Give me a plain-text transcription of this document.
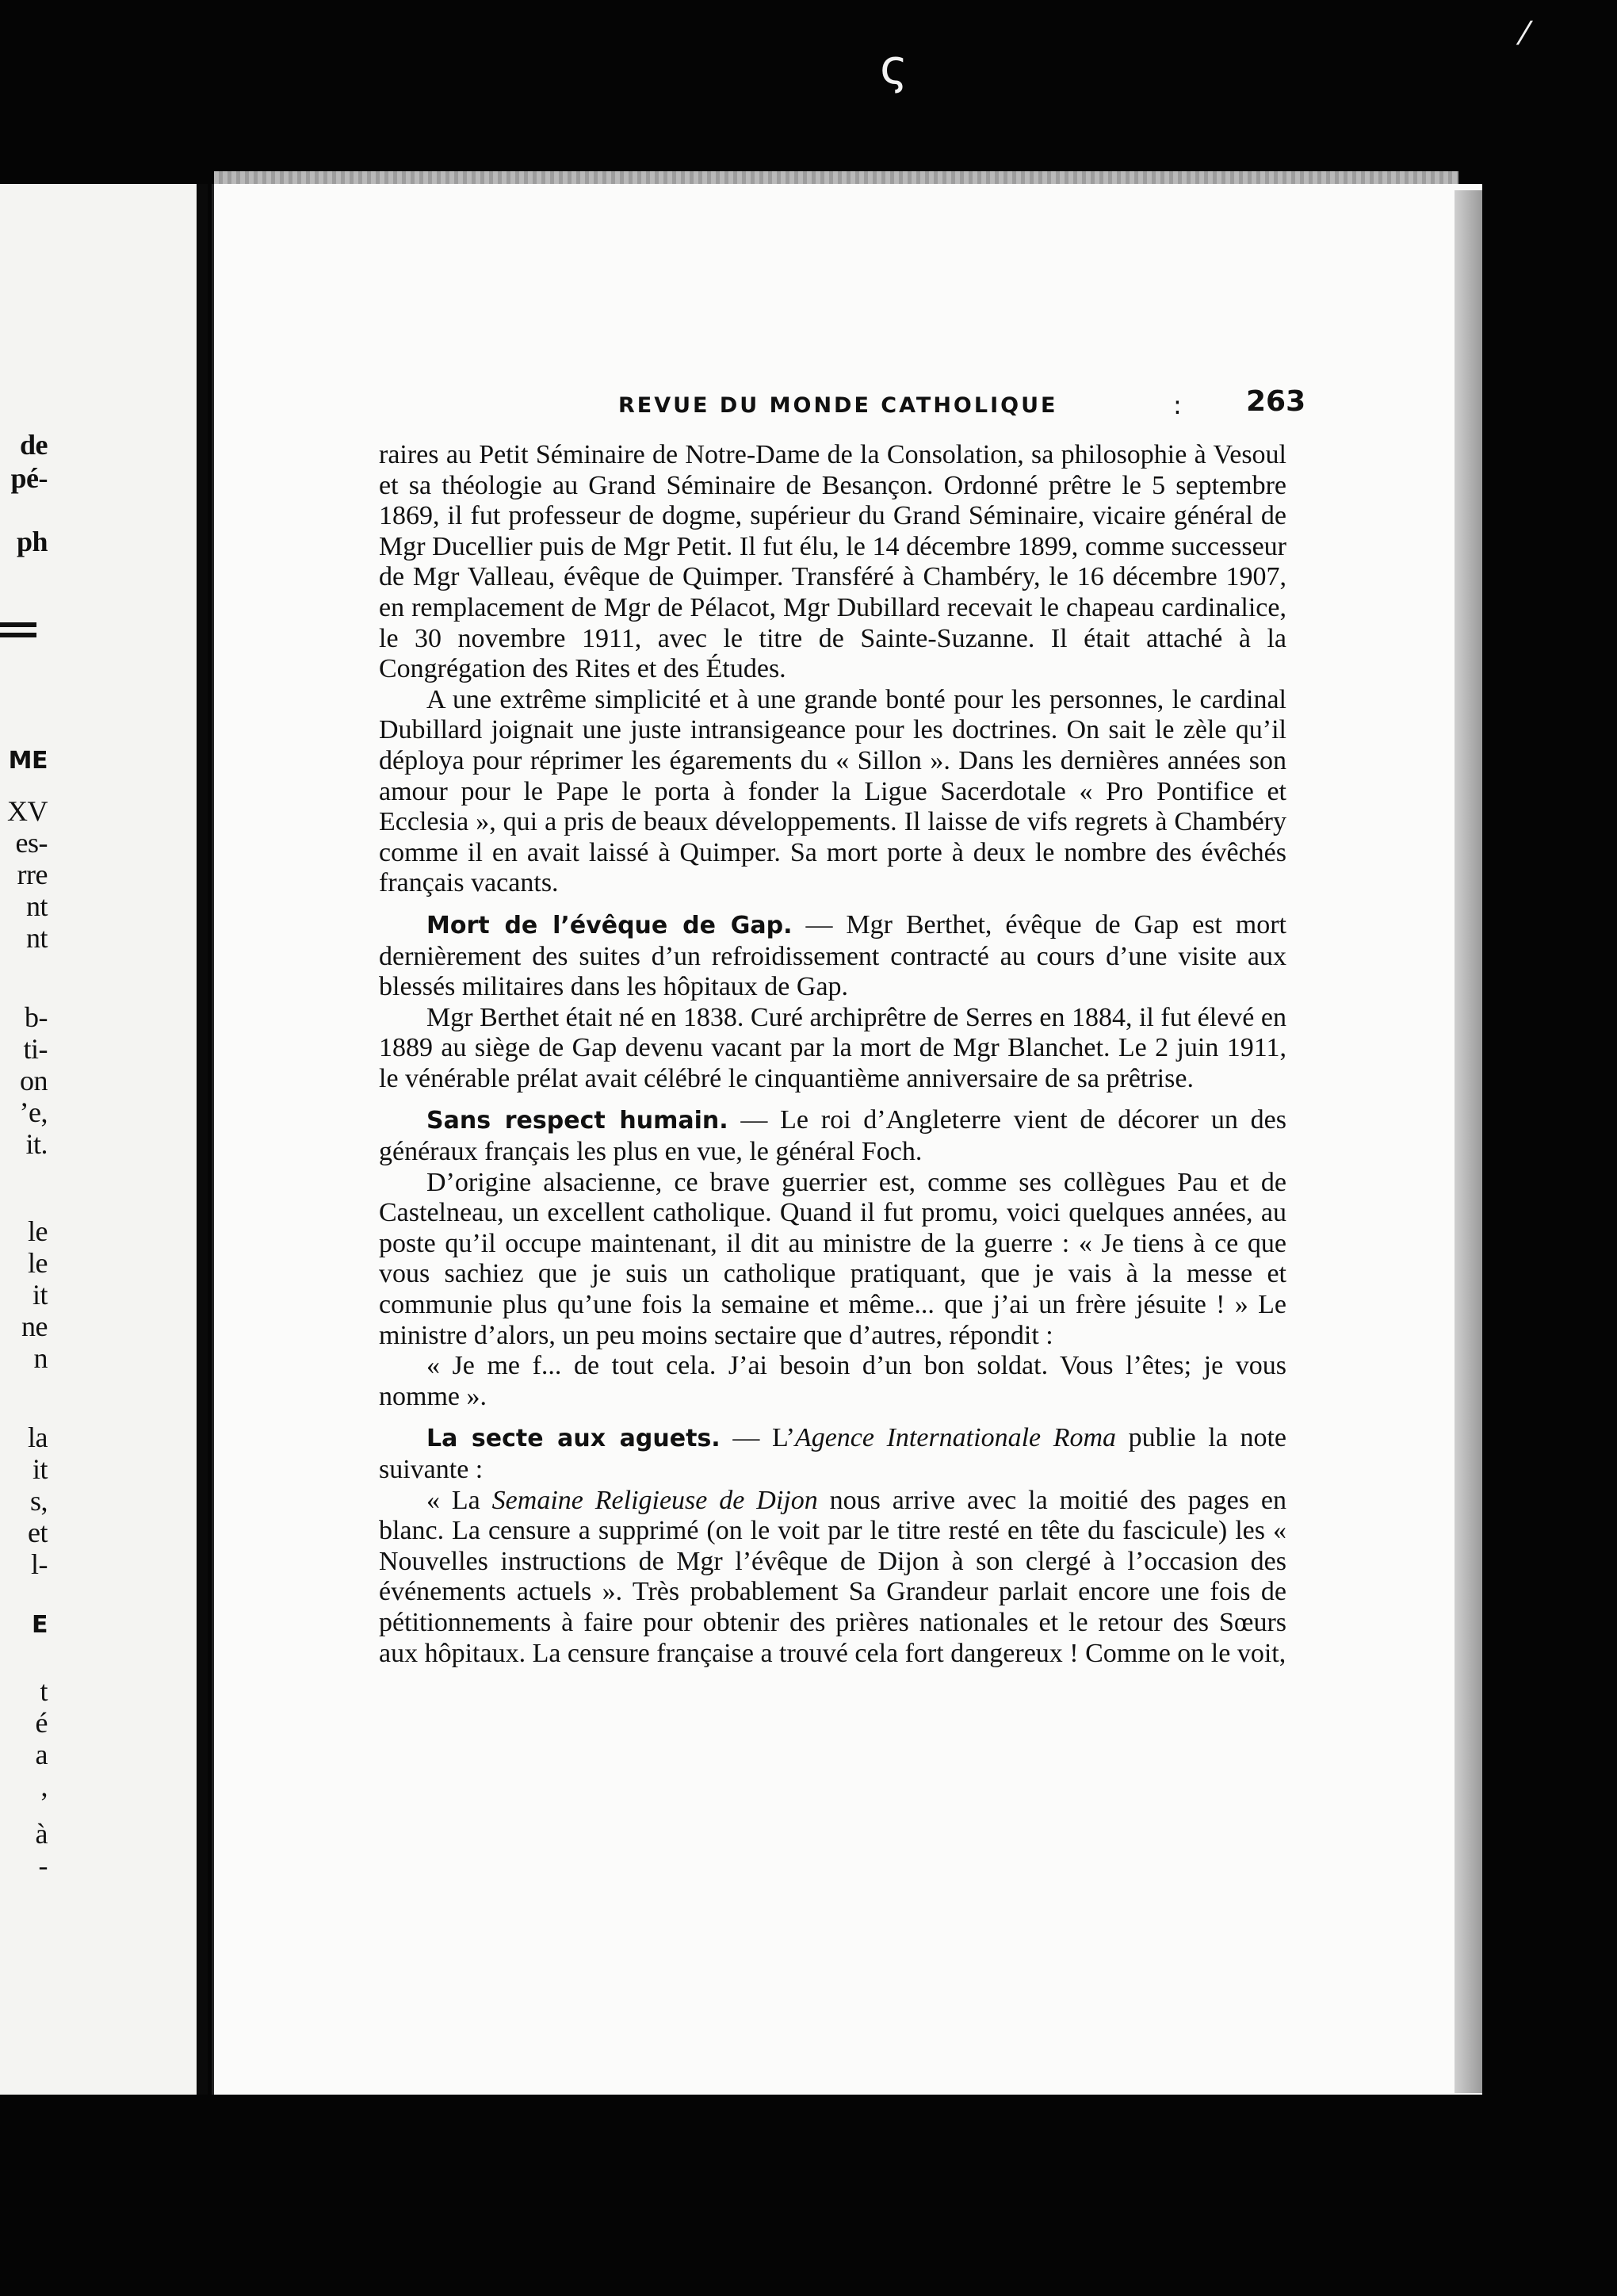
ς
⁄
de
pé-
ph
ME
XV
es-
rre
nt
nt
b-
ti-
on
’e,
it.
le
le
it
ne
n
la
it
s,
et
l-
E
t
é
a
,
à
-
REVUE DU MONDE CATHOLIQUE	: 263

raires au Petit Séminaire de Notre-Dame de la Consolation, sa philosophie à Vesoul et sa théologie au Grand Séminaire de Besançon. Ordonné prêtre le 5 septembre 1869, il fut professeur de dogme, supérieur du Grand Séminaire, vicaire général de Mgr Ducellier puis de Mgr Petit. Il fut élu, le 14 décembre 1899, comme successeur de Mgr Valleau, évêque de Quimper. Transféré à Chambéry, le 16 décembre 1907, en remplacement de Mgr de Pélacot, Mgr Dubillard recevait le chapeau cardinalice, le 30 novembre 1911, avec le titre de Sainte-Suzanne. Il était attaché à la Congrégation des Rites et des Études.

A une extrême simplicité et à une grande bonté pour les personnes, le cardinal Dubillard joignait une juste intransigeance pour les doctrines. On sait le zèle qu’il déploya pour réprimer les égarements du « Sillon ». Dans les dernières années son amour pour le Pape le porta à fonder la Ligue Sacerdotale « Pro Pontifice et Ecclesia », qui a pris de beaux développements. Il laisse de vifs regrets à Chambéry comme il en avait laissé à Quimper. Sa mort porte à deux le nombre des évêchés français vacants.

Mort de l’évêque de Gap. — Mgr Berthet, évêque de Gap est mort dernièrement des suites d’un refroidissement contracté au cours d’une visite aux blessés militaires dans les hôpitaux de Gap.

Mgr Berthet était né en 1838. Curé archiprêtre de Serres en 1884, il fut élevé en 1889 au siège de Gap devenu vacant par la mort de Mgr Blanchet. Le 2 juin 1911, le vénérable prélat avait célébré le cinquantième anniversaire de sa prêtrise.

Sans respect humain. — Le roi d’Angleterre vient de décorer un des généraux français les plus en vue, le général Foch.

D’origine alsacienne, ce brave guerrier est, comme ses collègues Pau et de Castelneau, un excellent catholique. Quand il fut promu, voici quelques années, au poste qu’il occupe maintenant, il dit au ministre de la guerre : « Je tiens à ce que vous sachiez que je suis un catholique pratiquant, que je vais à la messe et communie plus qu’une fois la semaine et même... que j’ai un frère jésuite ! » Le ministre d’alors, un peu moins sectaire que d’autres, répondit :

« Je me f... de tout cela. J’ai besoin d’un bon soldat. Vous l’êtes; je vous nomme ».

La secte aux aguets. — L’Agence Internationale Roma publie la note suivante :

« La Semaine Religieuse de Dijon nous arrive avec la moitié des pages en blanc. La censure a supprimé (on le voit par le titre resté en tête du fascicule) les « Nouvelles instructions de Mgr l’évêque de Dijon à son clergé à l’occasion des événements actuels ». Très probablement Sa Grandeur parlait encore une fois de pétitionnements à faire pour obtenir des prières nationales et le retour des Sœurs aux hôpitaux. La censure française a trouvé cela fort dangereux ! Comme on le voit,
